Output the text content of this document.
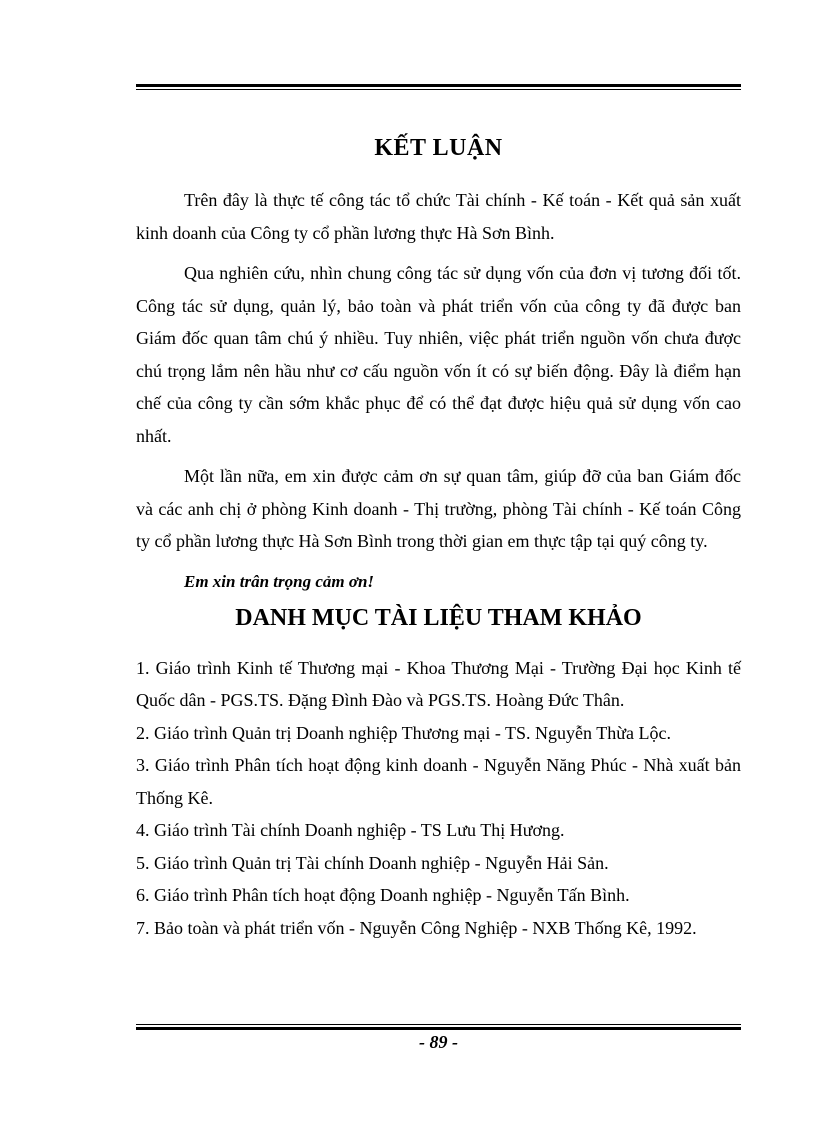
KẾT LUẬN

Trên đây là thực tế công tác tổ chức Tài chính - Kế toán - Kết quả sản xuất kinh doanh của Công ty cổ phần lương thực Hà Sơn Bình.

Qua nghiên cứu, nhìn chung công tác sử dụng vốn của đơn vị tương đối tốt. Công tác sử dụng, quản lý, bảo toàn và phát triển vốn của công ty đã được ban Giám đốc quan tâm chú ý nhiều. Tuy nhiên, việc phát triển nguồn vốn chưa được chú trọng lắm nên hầu như cơ cấu nguồn vốn ít có sự biến động. Đây là điểm hạn chế của công ty cần sớm khắc phục để có thể đạt được hiệu quả sử dụng vốn cao nhất.

Một lần nữa, em xin được cảm ơn sự quan tâm, giúp đỡ của ban Giám đốc và các anh chị ở phòng Kinh doanh - Thị trường, phòng Tài chính - Kế toán Công ty cổ phần lương thực Hà Sơn Bình trong thời gian em thực tập tại quý công ty.

Em xin trân trọng cảm ơn!
DANH MỤC TÀI LIỆU THAM KHẢO
1. Giáo trình Kinh tế Thương mại - Khoa Thương Mại - Trường Đại học Kinh tế Quốc dân - PGS.TS. Đặng Đình Đào và PGS.TS. Hoàng Đức Thân.
2. Giáo trình Quản trị Doanh nghiệp Thương mại - TS. Nguyễn Thừa Lộc.
3. Giáo trình Phân tích hoạt động kinh doanh - Nguyễn Năng Phúc - Nhà xuất bản Thống Kê.
4. Giáo trình Tài chính Doanh nghiệp - TS Lưu Thị Hương.
5. Giáo trình Quản trị Tài chính Doanh nghiệp - Nguyễn Hải Sản.
6. Giáo trình Phân tích hoạt động Doanh nghiệp - Nguyễn Tấn Bình.
7. Bảo toàn và phát triển vốn - Nguyễn Công Nghiệp - NXB Thống Kê, 1992.
- 89 -
